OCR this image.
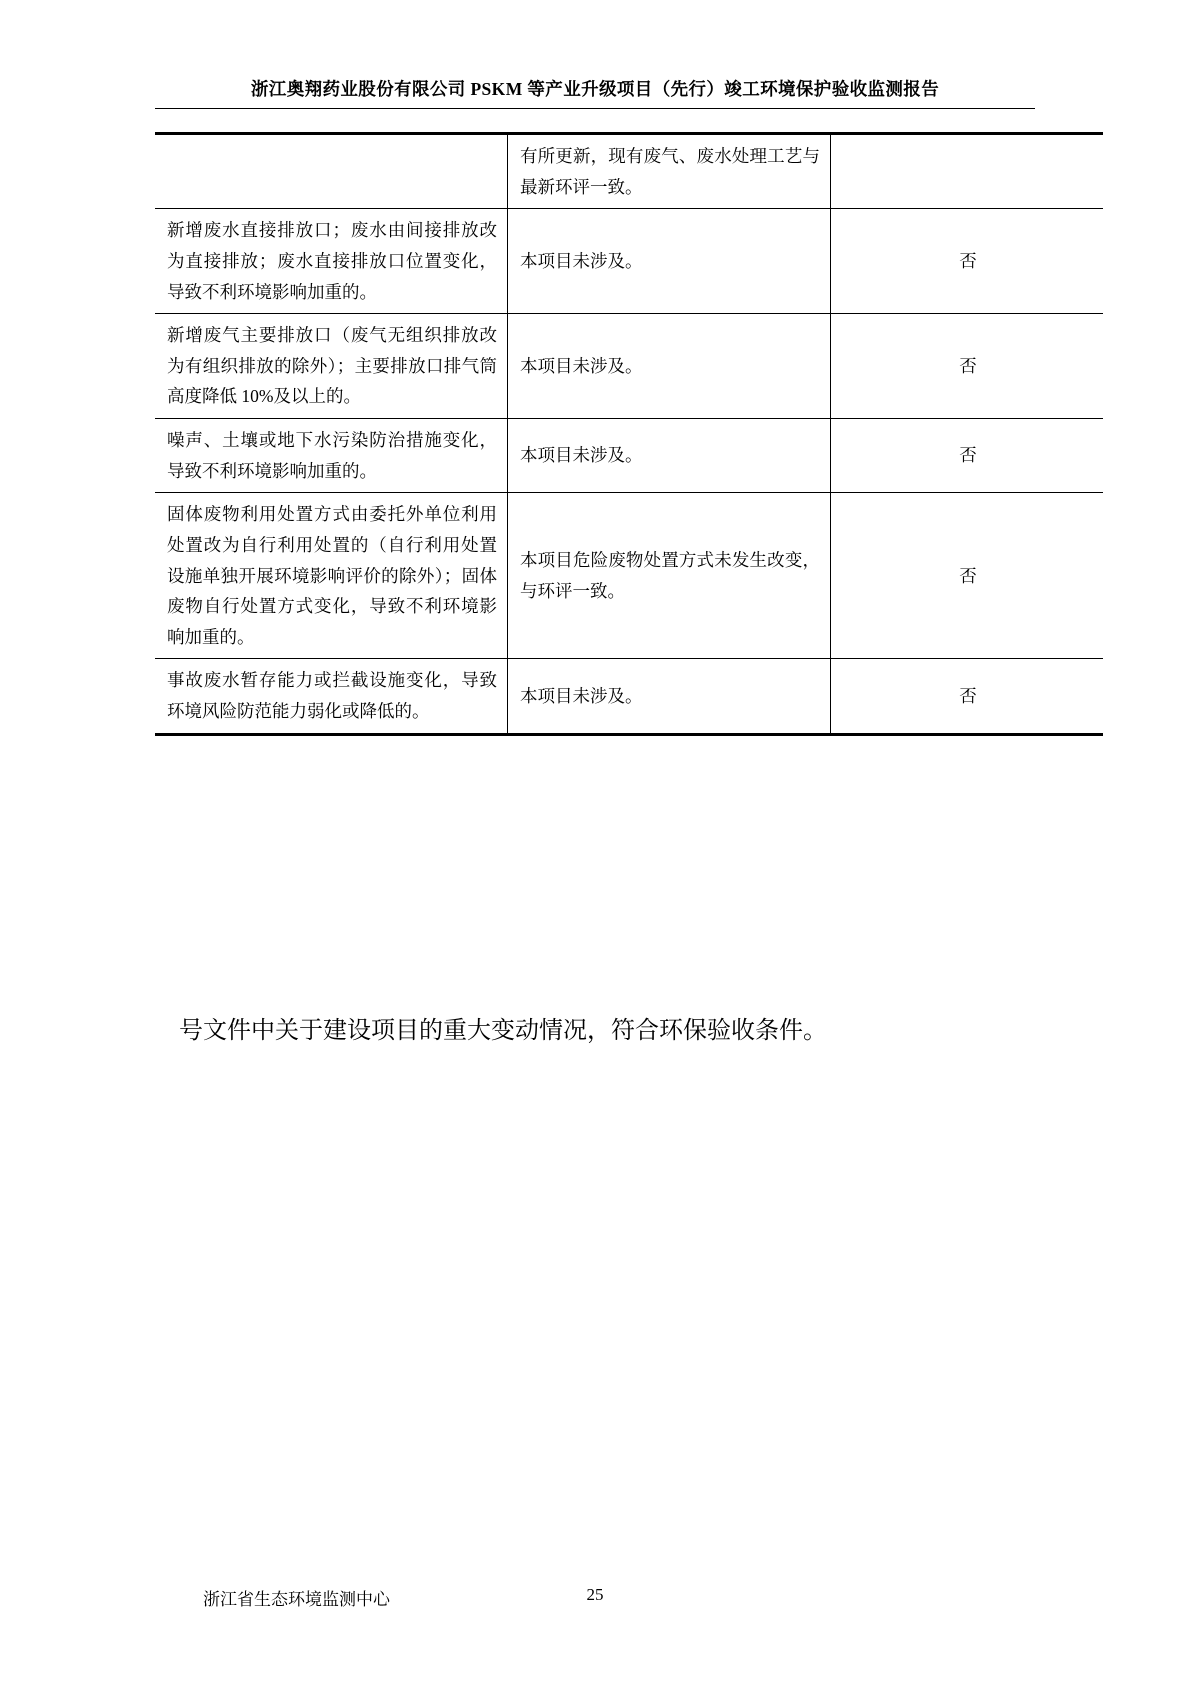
浙江奥翔药业股份有限公司 PSKM 等产业升级项目（先行）竣工环境保护验收监测报告

	有所更新，现有废气、废水处理工艺与最新环评一致。	

新增废水直接排放口；废水由间接排放改为直接排放；废水直接排放口位置变化，导致不利环境影响加重的。	本项目未涉及。	否

新增废气主要排放口（废气无组织排放改为有组织排放的除外）；主要排放口排气筒高度降低 10%及以上的。	本项目未涉及。	否

噪声、土壤或地下水污染防治措施变化，导致不利环境影响加重的。	本项目未涉及。	否

固体废物利用处置方式由委托外单位利用处置改为自行利用处置的（自行利用处置设施单独开展环境影响评价的除外）；固体废物自行处置方式变化，导致不利环境影响加重的。	本项目危险废物处置方式未发生改变，与环评一致。	否

事故废水暂存能力或拦截设施变化，导致环境风险防范能力弱化或降低的。	本项目未涉及。	否
号文件中关于建设项目的重大变动情况，符合环保验收条件。
浙江省生态环境监测中心	25
